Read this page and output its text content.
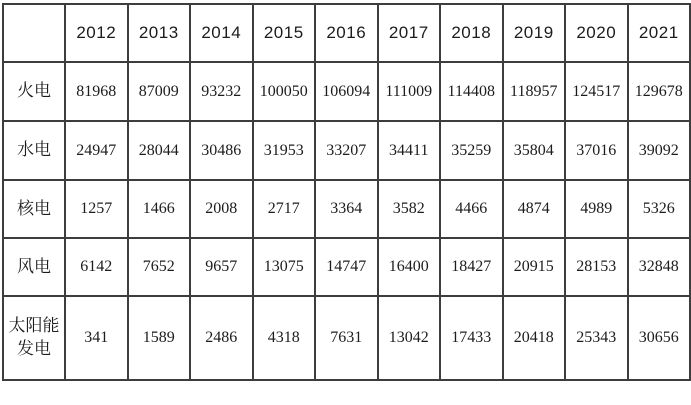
	2012	2013	2014	2015	2016	2017	2018	2019	2020	2021
火电	81968	87009	93232	100050	106094	111009	114408	118957	124517	129678
水电	24947	28044	30486	31953	33207	34411	35259	35804	37016	39092
核电	1257	1466	2008	2717	3364	3582	4466	4874	4989	5326
风电	6142	7652	9657	13075	14747	16400	18427	20915	28153	32848
太阳能发电	341	1589	2486	4318	7631	13042	17433	20418	25343	30656
